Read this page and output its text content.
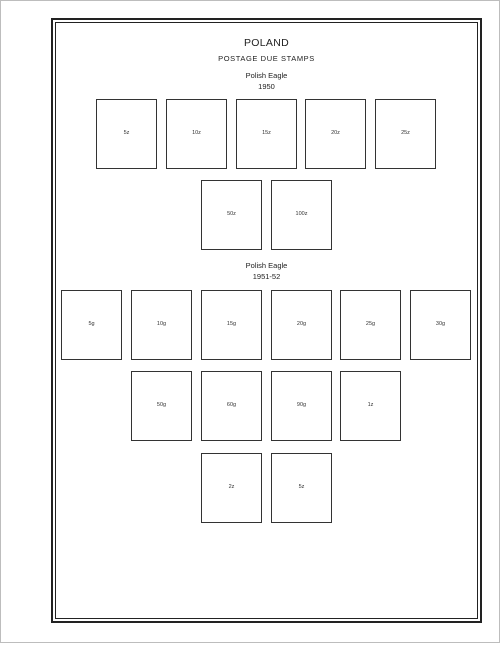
POLAND
POSTAGE DUE STAMPS
Polish Eagle
1950
5z	10z	15z	20z	25z
50z	100z
Polish Eagle
1951-52
5g	10g	15g	20g	25g	30g
50g	60g	90g	1z
2z	5z
